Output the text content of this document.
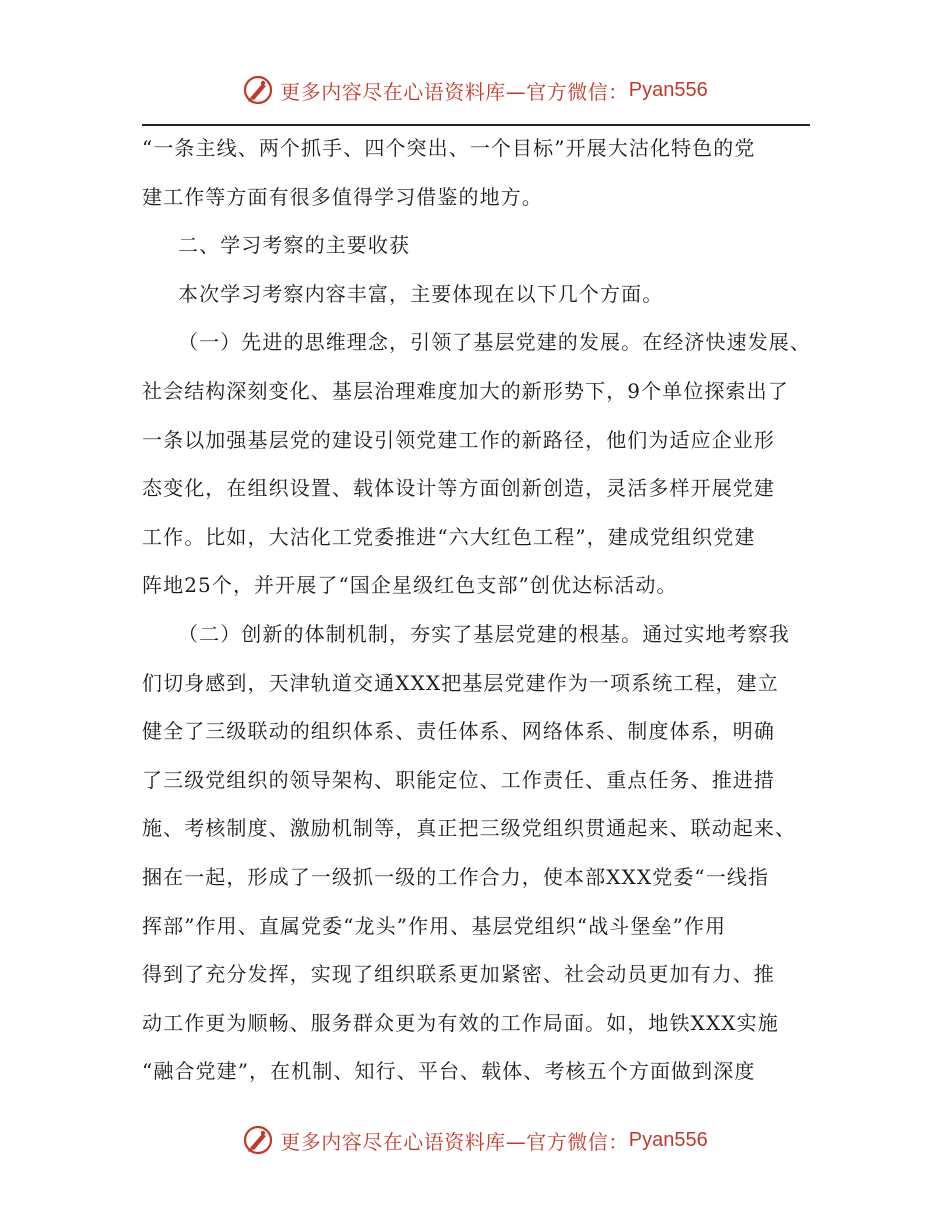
更多内容尽在心语资料库—官方微信： Pyan556
“一条主线、两个抓手、四个突出、一个目标”开展大沽化特色的党
建工作等方面有很多值得学习借鉴的地方。
二、学习考察的主要收获
本次学习考察内容丰富，主要体现在以下几个方面。
（一）先进的思维理念，引领了基层党建的发展。在经济快速发展、
社会结构深刻变化、基层治理难度加大的新形势下，9个单位探索出了
一条以加强基层党的建设引领党建工作的新路径，他们为适应企业形
态变化，在组织设置、载体设计等方面创新创造，灵活多样开展党建
工作。比如，大沽化工党委推进“六大红色工程”，建成党组织党建
阵地25个，并开展了“国企星级红色支部”创优达标活动。
（二）创新的体制机制，夯实了基层党建的根基。通过实地考察我
们切身感到，天津轨道交通XXX把基层党建作为一项系统工程，建立
健全了三级联动的组织体系、责任体系、网络体系、制度体系，明确
了三级党组织的领导架构、职能定位、工作责任、重点任务、推进措
施、考核制度、激励机制等，真正把三级党组织贯通起来、联动起来、
捆在一起，形成了一级抓一级的工作合力，使本部XXX党委“一线指
挥部”作用、直属党委“龙头”作用、基层党组织“战斗堡垒”作用
得到了充分发挥，实现了组织联系更加紧密、社会动员更加有力、推
动工作更为顺畅、服务群众更为有效的工作局面。如，地铁XXX实施
“融合党建”，在机制、知行、平台、载体、考核五个方面做到深度
更多内容尽在心语资料库—官方微信： Pyan556
